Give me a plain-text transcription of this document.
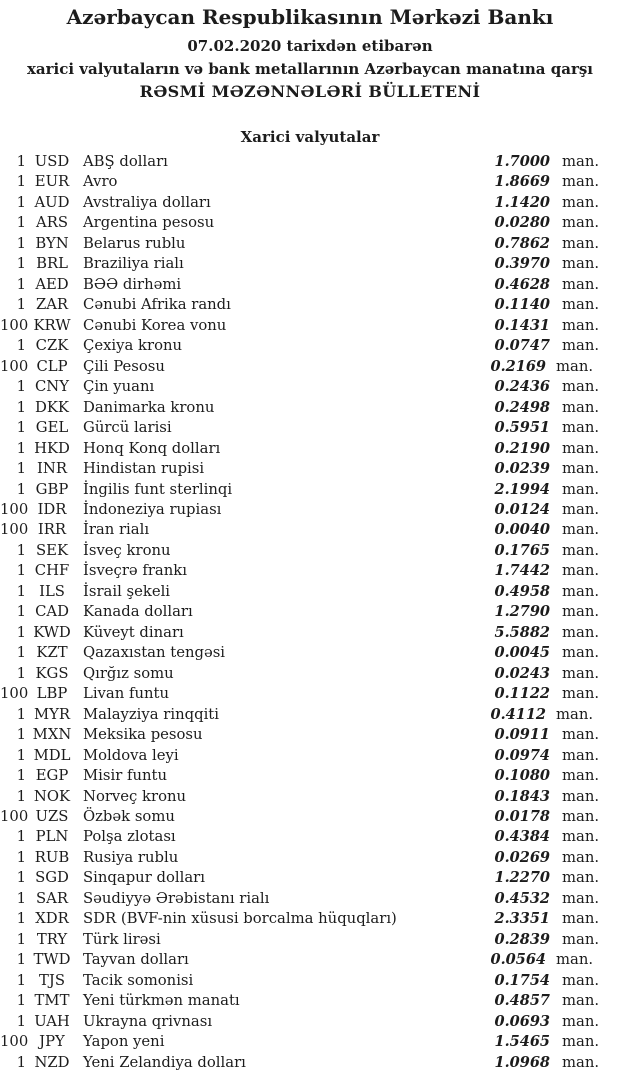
Azərbaycan Respublikasının Mərkəzi Bankı
07.02.2020 tarixdən etibarən
xarici valyutaların və bank metallarının Azərbaycan manatına qarşı
RƏSMİ MƏZƏNNƏLƏRİ BÜLLETENİ
Xarici valyutalar
1 USD ABŞ dolları	1.7000 man.
1 EUR Avro	1.8669 man.
1 AUD Avstraliya dolları	1.1420 man.
1 ARS	Argentina pesosu	0.0280 man.
1 BYN Belarus rublu	0.7862 man.
1 BRL	Braziliya rialı	0.3970 man.
1 AED BƏƏ dirhəmi	0.4628 man.
1 ZAR	Cənubi Afrika randı	0.1140 man.
100 KRW Cənubi Korea vonu	0.1431 man.
1 CZK Çexiya kronu	0.0747 man.
100 CLP	Çili Pesosu	0.2169 man.
1 CNY Çin yuanı	0.2436 man.
1 DKK Danimarka kronu	0.2498 man.
1 GEL Gürcü larisi	0.5951 man.
1 HKD Honq Konq dolları	0.2190 man.
1 INR	Hindistan rupisi	0.0239 man.
1 GBP İngilis funt sterlinqi	2.1994 man.
100 IDR	İndoneziya rupiası	0.0124 man.
100 IRR	İran rialı	0.0040 man.
1 SEK	İsveç kronu	0.1765 man.
1 CHF İsveçrə frankı	1.7442 man.
1 ILS	İsrail şekeli	0.4958 man.
1 CAD Kanada dolları	1.2790 man.
1 KWD Küveyt dinarı	5.5882 man.
1 KZT	Qazaxıstan tengəsi	0.0045 man.
1 KGS Qırğız somu	0.0243 man.
100 LBP	Livan funtu	0.1122 man.
1 MYR Malayziya rinqqiti	0.4112 man.
1 MXN Meksika pesosu	0.0911 man.
1 MDL Moldova leyi	0.0974 man.
1 EGP Misir funtu	0.1080 man.
1 NOK Norveç kronu	0.1843 man.
100 UZS Özbək somu	0.0178 man.
1 PLN Polşa zlotası	0.4384 man.
1 RUB Rusiya rublu	0.0269 man.
1 SGD Sinqapur dolları	1.2270 man.
1 SAR	Səudiyyə Ərəbistanı rialı	0.4532 man.
1 XDR SDR (BVF-nin xüsusi borcalma hüquqları)	2.3351 man.
1 TRY	Türk lirəsi	0.2839 man.
1 TWD Tayvan dolları	0.0564 man.
1 TJS	Tacik somonisi	0.1754 man.
1 TMT Yeni türkmən manatı	0.4857 man.
1 UAH Ukrayna qrivnası	0.0693 man.
100 JPY	Yapon yeni	1.5465 man.
1 NZD Yeni Zelandiya dolları	1.0968 man.
